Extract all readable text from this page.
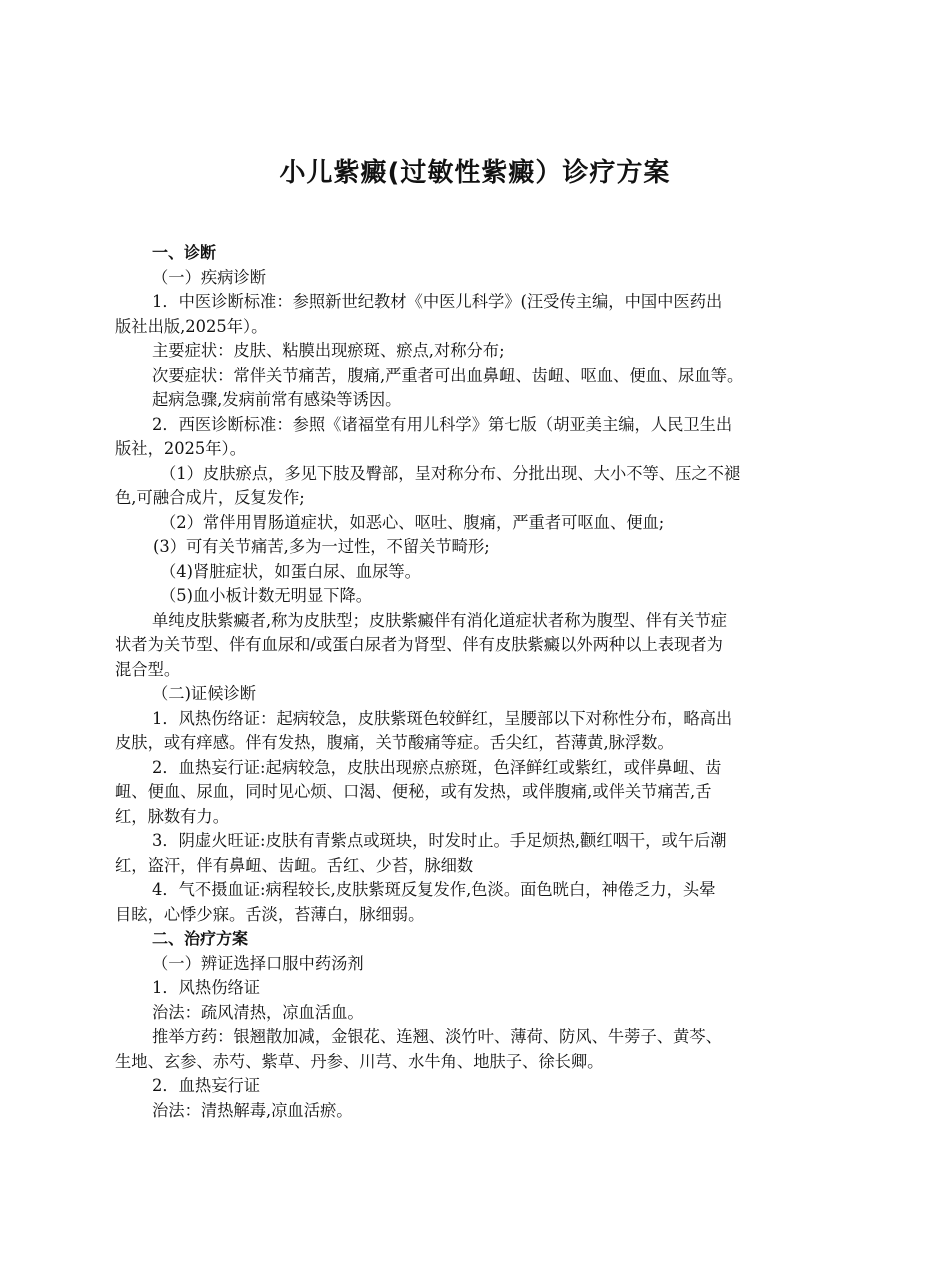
小儿紫癜(过敏性紫癜）诊疗方案

一、诊断

（一）疾病诊断

1．中医诊断标准：参照新世纪教材《中医儿科学》(汪受传主编，中国中医药出

版社出版,2025年）。

主要症状：皮肤、粘膜出现瘀斑、瘀点,对称分布;

次要症状：常伴关节痛苦，腹痛,严重者可出血鼻衄、齿衄、呕血、便血、尿血等。

起病急骤,发病前常有感染等诱因。

2．西医诊断标准：参照《诸福堂有用儿科学》第七版（胡亚美主编，人民卫生出

版社，2025年）。

（1）皮肤瘀点，多见下肢及臀部，呈对称分布、分批出现、大小不等、压之不褪

色,可融合成片，反复发作;

（2）常伴用胃肠道症状，如恶心、呕吐、腹痛，严重者可呕血、便血;

(3）可有关节痛苦,多为一过性，不留关节畸形;

（4)肾脏症状，如蛋白尿、血尿等。

（5)血小板计数无明显下降。

单纯皮肤紫癜者,称为皮肤型；皮肤紫癜伴有消化道症状者称为腹型、伴有关节症

状者为关节型、伴有血尿和/或蛋白尿者为肾型、伴有皮肤紫癜以外两种以上表现者为

混合型。

（二)证候诊断

1．风热伤络证：起病较急，皮肤紫斑色较鲜红，呈腰部以下对称性分布，略高出

皮肤，或有痒感。伴有发热，腹痛，关节酸痛等症。舌尖红，苔薄黄,脉浮数。

2．血热妄行证:起病较急，皮肤出现瘀点瘀斑，色泽鲜红或紫红，或伴鼻衄、齿

衄、便血、尿血，同时见心烦、口渴、便秘，或有发热，或伴腹痛,或伴关节痛苦,舌

红，脉数有力。

3．阴虚火旺证:皮肤有青紫点或斑块，时发时止。手足烦热,颧红咽干，或午后潮

红，盗汗，伴有鼻衄、齿衄。舌红、少苔，脉细数

4．气不摄血证:病程较长,皮肤紫斑反复发作,色淡。面色晄白，神倦乏力，头晕

目眩，心悸少寐。舌淡，苔薄白，脉细弱。

二、治疗方案

（一）辨证选择口服中药汤剂

1．风热伤络证

治法：疏风清热，凉血活血。

推举方药：银翘散加减，金银花、连翘、淡竹叶、薄荷、防风、牛蒡子、黄芩、

生地、玄参、赤芍、紫草、丹参、川芎、水牛角、地肤子、徐长卿。

2．血热妄行证

治法：清热解毒,凉血活瘀。
